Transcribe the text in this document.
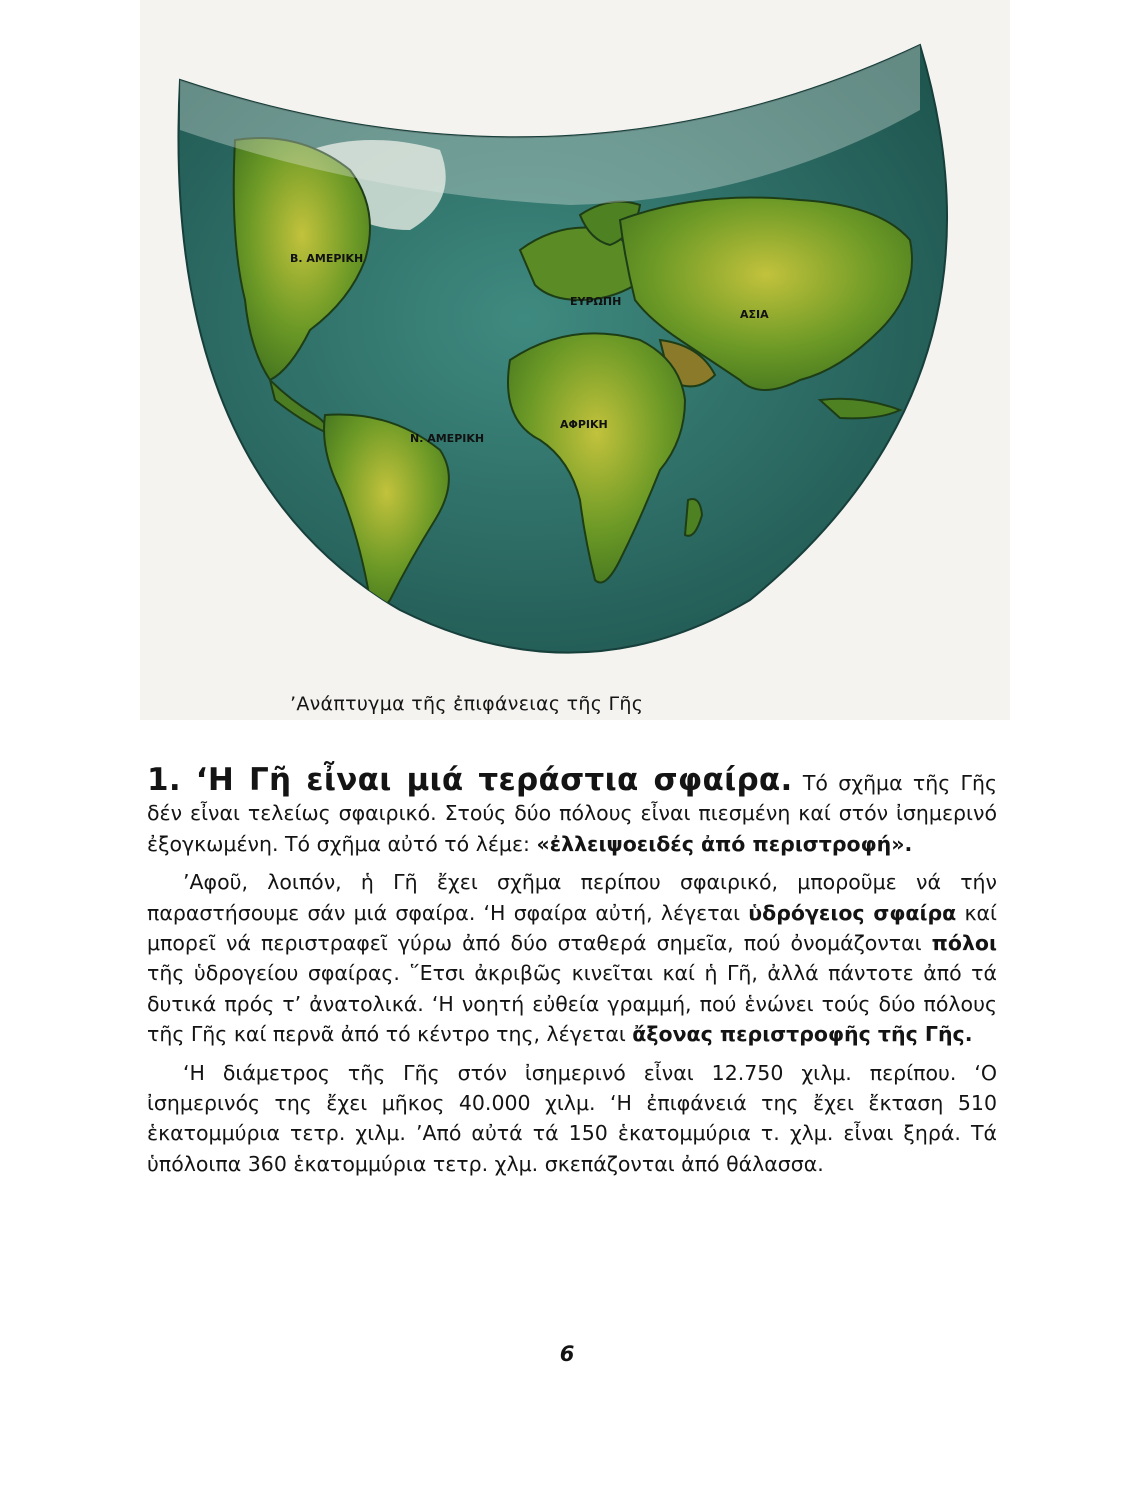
Β. ΑΜΕΡΙΚΗ
Ν. ΑΜΕΡΙΚΗ
ΕΥΡΩΠΗ
ΑΣΙΑ
ΑΦΡΙΚΗ
’Ανάπτυγμα τῆς ἐπιφάνειας τῆς Γῆς

1. ‘Η Γῆ εἶναι μιά τεράστια σφαίρα. Τό σχῆμα τῆς Γῆς δέν εἶναι τελείως σφαιρικό. Στούς δύο πόλους εἶναι πιεσμένη καί στόν ἰσημερινό ἐξογκωμένη. Τό σχῆμα αὐτό τό λέμε: «ἐλλειψοειδές ἀπό περιστροφή».

’Αφοῦ, λοιπόν, ἡ Γῆ ἔχει σχῆμα περίπου σφαιρικό, μποροῦμε νά τήν παραστήσουμε σάν μιά σφαίρα. ‘Η σφαίρα αὐτή, λέγεται ὑδρόγειος σφαίρα καί μπορεῖ νά περιστραφεῖ γύρω ἀπό δύο σταθερά σημεῖα, πού ὀνομάζονται πόλοι τῆς ὑδρογείου σφαίρας. ῞Ετσι ἀκριβῶς κινεῖται καί ἡ Γῆ, ἀλλά πάντοτε ἀπό τά δυτικά πρός τ’ ἀνατολικά. ‘Η νοητή εὐθεία γραμμή, πού ἑνώνει τούς δύο πόλους τῆς Γῆς καί περνᾶ ἀπό τό κέντρο της, λέγεται ἄξονας περιστροφῆς τῆς Γῆς.

‘Η διάμετρος τῆς Γῆς στόν ἰσημερινό εἶναι 12.750 χιλμ. περίπου. ‘Ο ἰσημερινός της ἔχει μῆκος 40.000 χιλμ. ‘Η ἐπιφάνειά της ἔχει ἔκταση 510 ἑκατομμύρια τετρ. χιλμ. ’Από αὐτά τά 150 ἑκατομμύρια τ. χλμ. εἶναι ξηρά. Τά ὑπόλοιπα 360 ἑκατομμύρια τετρ. χλμ. σκεπάζονται ἀπό θάλασσα.

6
